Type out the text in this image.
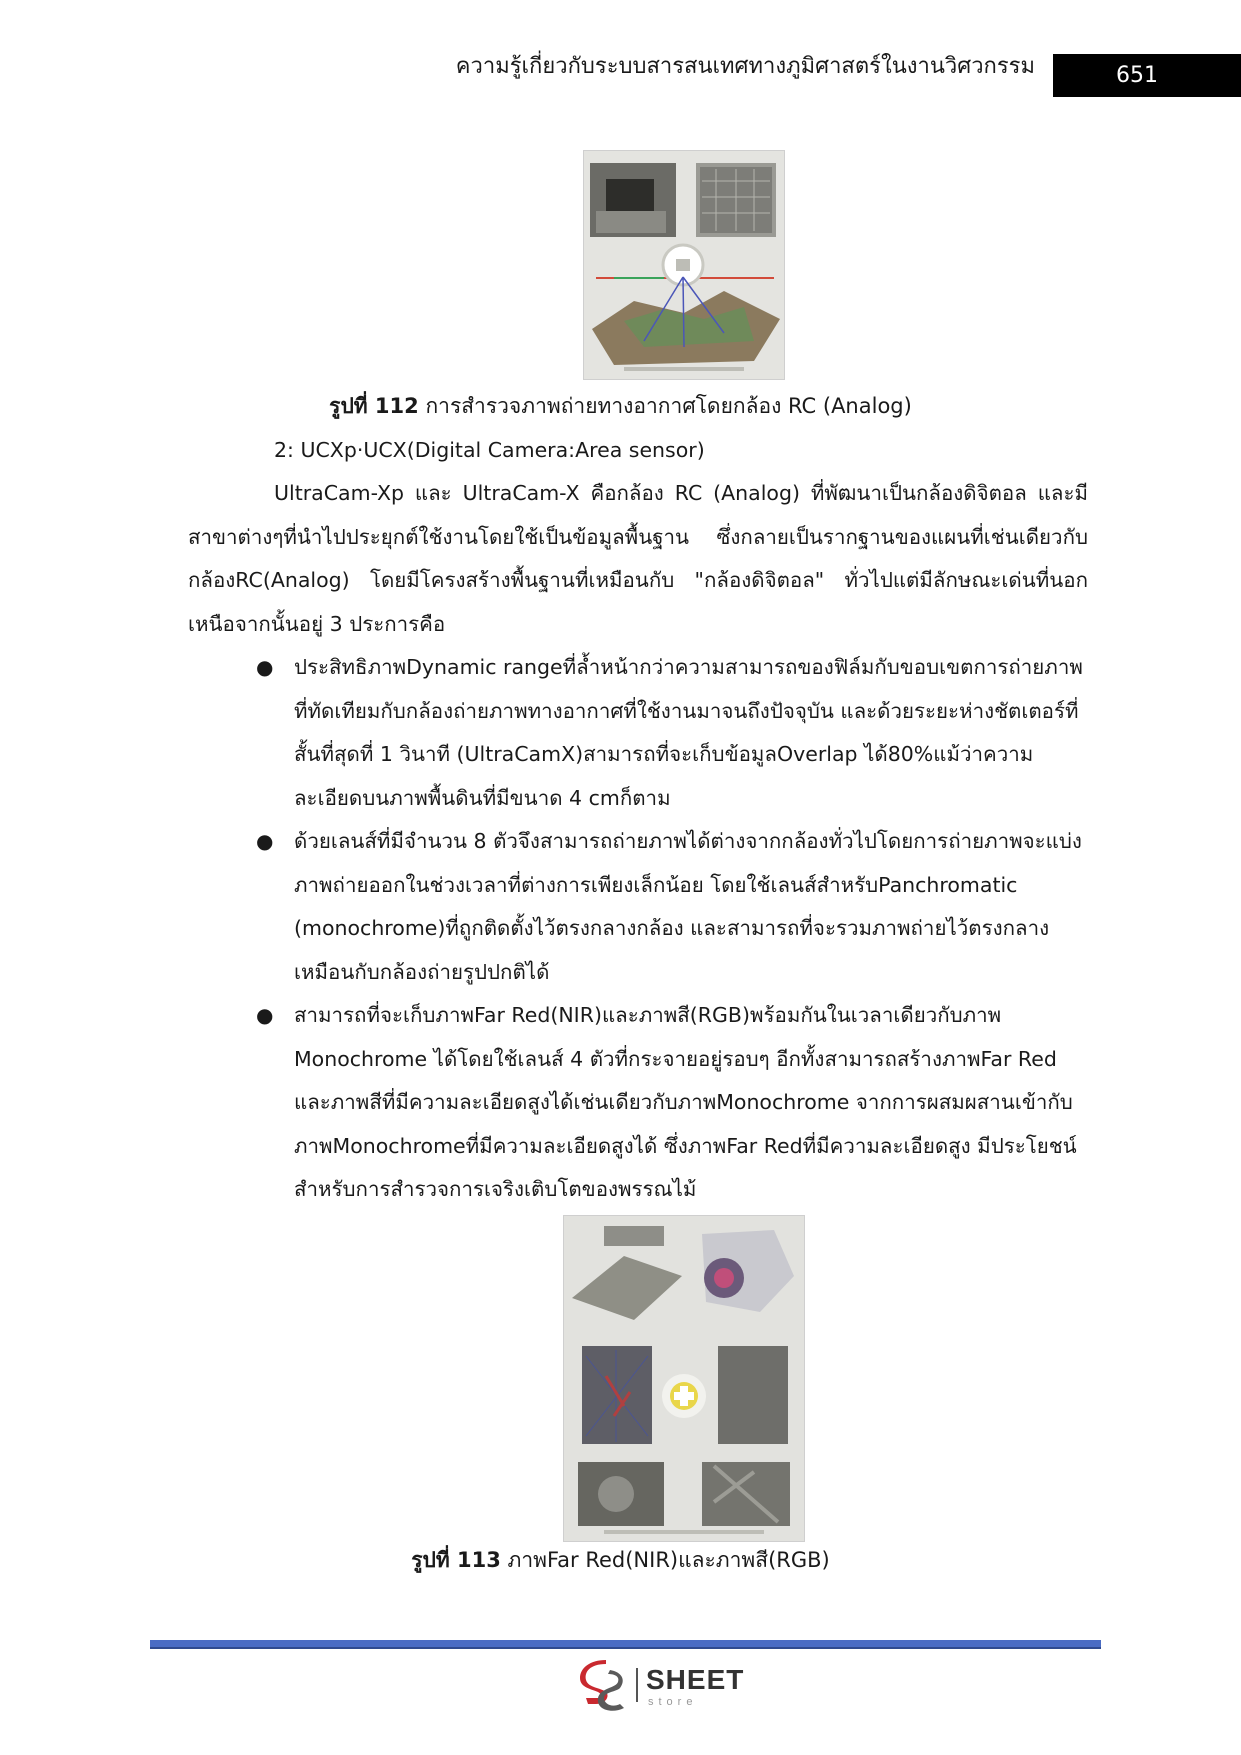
ความรู้เกี่ยวกับระบบสารสนเทศทางภูมิศาสตร์ในงานวิศวกรรม	651
รูปที่ 112 การสำรวจภาพถ่ายทางอากาศโดยกล้อง RC (Analog)

2: UCXp·UCX(Digital Camera:Area sensor)

UltraCam-Xp และ UltraCam-X คือกล้อง RC (Analog) ที่พัฒนาเป็นกล้องดิจิตอล และมีสาขาต่างๆที่นำไปประยุกต์ใช้งานโดยใช้เป็นข้อมูลพื้นฐาน ซึ่งกลายเป็นรากฐานของแผนที่เช่นเดียวกับกล้องRC(Analog) โดยมีโครงสร้างพื้นฐานที่เหมือนกับ "กล้องดิจิตอล" ทั่วไปแต่มีลักษณะเด่นที่นอกเหนือจากนั้นอยู่ 3 ประการคือ

● ประสิทธิภาพDynamic rangeที่ล้ำหน้ากว่าความสามารถของฟิล์มกับขอบเขตการถ่ายภาพที่ทัดเทียมกับกล้องถ่ายภาพทางอากาศที่ใช้งานมาจนถึงปัจจุบัน และด้วยระยะห่างชัตเตอร์ที่สั้นที่สุดที่ 1 วินาที (UltraCamX)สามารถที่จะเก็บข้อมูลOverlap ได้80%แม้ว่าความละเอียดบนภาพพื้นดินที่มีขนาด 4 cmก็ตาม
● ด้วยเลนส์ที่มีจำนวน 8 ตัวจึงสามารถถ่ายภาพได้ต่างจากกล้องทั่วไปโดยการถ่ายภาพจะแบ่งภาพถ่ายออกในช่วงเวลาที่ต่างการเพียงเล็กน้อย โดยใช้เลนส์สำหรับPanchromatic (monochrome)ที่ถูกติดตั้งไว้ตรงกลางกล้อง และสามารถที่จะรวมภาพถ่ายไว้ตรงกลางเหมือนกับกล้องถ่ายรูปปกติได้
● สามารถที่จะเก็บภาพFar Red(NIR)และภาพสี(RGB)พร้อมกันในเวลาเดียวกับภาพ Monochrome ได้โดยใช้เลนส์ 4 ตัวที่กระจายอยู่รอบๆ อีกทั้งสามารถสร้างภาพFar Red และภาพสีที่มีความละเอียดสูงได้เช่นเดียวกับภาพMonochrome จากการผสมผสานเข้ากับภาพMonochromeที่มีความละเอียดสูงได้ ซึ่งภาพFar Redที่มีความละเอียดสูง มีประโยชน์สำหรับการสำรวจการเจริงเติบโตของพรรณไม้
รูปที่ 113 ภาพFar Red(NIR)และภาพสี(RGB)
SHEET
store
